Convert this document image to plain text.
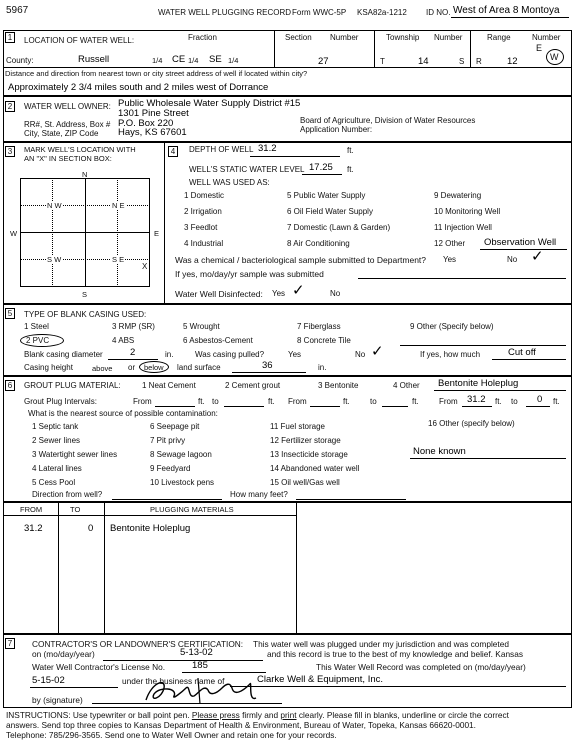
5967	WATER WELL PLUGGING RECORD Form WWC-5P KSA82a-1212 ID NO. West of Area 8 Montoya
1	LOCATION OF WATER WELL:	Fraction	Section Number	Township Number	Range	Number
County:	Russell	1/4 CE 1/4 SE 1/4	27	T	14	S R	12
E
W
Distance and direction from nearest town or city street address of well if located within city?
Approximately 2 3/4 miles south and 2 miles west of Dorrance
2	WATER WELL OWNER: Public Wholesale Water Supply District #15
1301 Pine Street
RR#, St. Address, Box # P.O. Box 220
City, State, ZIP Code Hays, KS 67601
Board of Agriculture, Division of Water Resources
Application Number:
3	MARK WELL'S LOCATION WITH
AN "X" IN SECTION BOX:
N
S
W	E
N W	N E
S W	S E
X
4	DEPTH OF WELL 31.2	ft.
WELL'S STATIC WATER LEVEL 17.25 ft.
WELL WAS USED AS:
1 Domestic	5 Public Water Supply	9 Dewatering
2 Irrigation	6 Oil Field Water Supply	10 Monitoring Well
3 Feedlot	7 Domestic (Lawn & Garden)	11 Injection Well
4 Industrial	8 Air Conditioning	12 Other Observation Well
Was a chemical / bacteriological sample submitted to Department? Yes	No ✓
If yes, mo/day/yr sample was submitted
Water Well Disinfected: Yes ✓	No
5	TYPE OF BLANK CASING USED:
1 Steel	3 RMP (SR)	5 Wrought	7 Fiberglass	9 Other (Specify below)
2 PVC	4 ABS	6 Asbestos-Cement	8 Concrete Tile
Blank casing diameter	2	in.	Was casing pulled?	Yes	No ✓	If yes, how much	Cut off
Casing height	above or below land surface	36	in.
6	GROUT PLUG MATERIAL:	1 Neat Cement	2 Cement grout	3 Bentonite	4 Other Bentonite Holeplug
Grout Plug Intervals:	From	ft. to	ft. From	ft.	to	ft.	From 31.2 ft. to 0 ft.
What is the nearest source of possible contamination:
1 Septic tank	6 Seepage pit	11 Fuel storage	16 Other (specify below)
2 Sewer lines	7 Pit privy	12 Fertilizer storage
3 Watertight sewer lines	8 Sewage lagoon	13 Insecticide storage	None known
4 Lateral lines	9 Feedyard	14 Abandoned water well
5 Cess Pool	10 Livestock pens	15 Oil well/Gas well
Direction from well?	How many feet?
FROM	TO	PLUGGING MATERIALS
31.2	0 Bentonite Holeplug
7	CONTRACTOR'S OR LANDOWNER'S CERTIFICATION: This water well was plugged under my jurisdiction and was completed
on (mo/day/year)	5-13-02	and this record is true to the best of my knowledge and belief. Kansas
Water Well Contractor's License No.	185	This Water Well Record was completed on (mo/day/year)
5-15-02	under the business name of	Clarke Well & Equipment, Inc.
by (signature)
INSTRUCTIONS: Use typewriter or ball point pen. Please press firmly and print clearly. Please fill in blanks, underline or circle the correct
answers. Send top three copies to Kansas Department of Health & Environment, Bureau of Water, Topeka, Kansas 66620-0001.
Telephone: 785/296-3565. Send one to Water Well Owner and retain one for your records.
